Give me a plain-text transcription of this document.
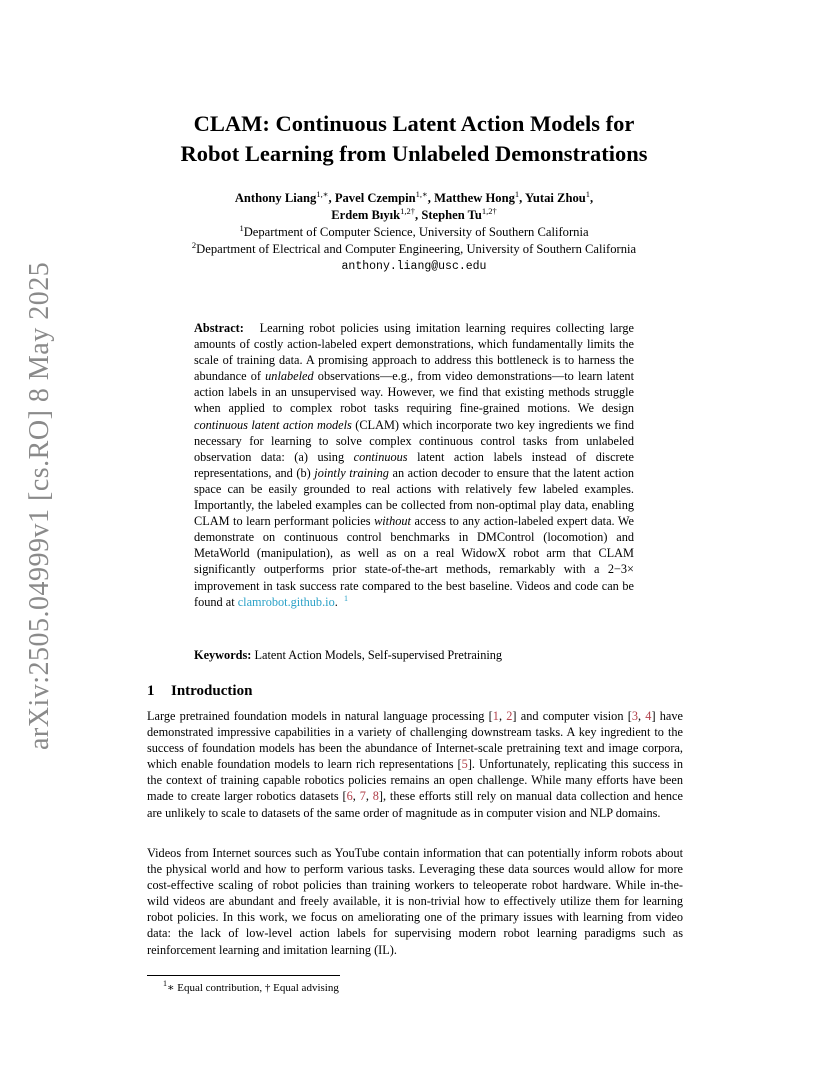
arXiv:2505.04999v1 [cs.RO] 8 May 2025
CLAM: Continuous Latent Action Models for
Robot Learning from Unlabeled Demonstrations
Anthony Liang$^{1,∗}$, Pavel Czempin$^{1,∗}$, Matthew Hong$^1$, Yutai Zhou$^1$,
Erdem Bıyık$^{1,2\dagger}$, Stephen $Tu^{1,2\dagger}$
$^1$Department of Computer Science, University of Southern California
$^2$Department of Electrical and Computer Engineering, University of Southern California
anthony.liang@usc.edu
Abstract: Learning robot policies using imitation learning requires collecting large amounts of costly action-labeled expert demonstrations, which fundamentally limits the scale of training data. A promising approach to address this bottleneck is to harness the abundance of unlabeled observations—e.g., from video demonstrations—to learn latent action labels in an unsupervised way. However, we find that existing methods struggle when applied to complex robot tasks requiring fine-grained motions. We design continuous latent action models (CLAM) which incorporate two key ingredients we find necessary for learning to solve complex continuous control tasks from unlabeled observation data: (a) using continuous latent action labels instead of discrete representations, and (b) jointly training an action decoder to ensure that the latent action space can be easily grounded to real actions with relatively few labeled examples. Importantly, the labeled examples can be collected from non-optimal play data, enabling CLAM to learn performant policies without access to any action-labeled expert data. We demonstrate on continuous control benchmarks in DMControl (locomotion) and MetaWorld (manipulation), as well as on a real WidowX robot arm that CLAM significantly outperforms prior state-of-the-art methods, remarkably with a 2−3× improvement in task success rate compared to the best baseline. Videos and code can be found at clamrobot.github.io. $^1$
Keywords: Latent Action Models, Self-supervised Pretraining
1 Introduction
Large pretrained foundation models in natural language processing [1, 2] and computer vision [3, 4] have demonstrated impressive capabilities in a variety of challenging downstream tasks. A key ingredient to the success of foundation models has been the abundance of Internet-scale pretraining text and image corpora, which enable foundation models to learn rich representations [5]. Unfortunately, replicating this success in the context of training capable robotics policies remains an open challenge. While many efforts have been made to create larger robotics datasets [6, 7, 8], these efforts still rely on manual data collection and hence are unlikely to scale to datasets of the same order of magnitude as in computer vision and NLP domains.
Videos from Internet sources such as YouTube contain information that can potentially inform robots about the physical world and how to perform various tasks. Leveraging these data sources would allow for more cost-effective scaling of robot policies than training workers to teleoperate robot hardware. While in-the-wild videos are abundant and freely available, it is non-trivial how to effectively utilize them for learning robot policies. In this work, we focus on ameliorating one of the primary issues with learning from video data: the lack of low-level action labels for supervising modern robot learning paradigms such as reinforcement learning and imitation learning (IL).
$^1$∗ Equal contribution, † Equal advising
